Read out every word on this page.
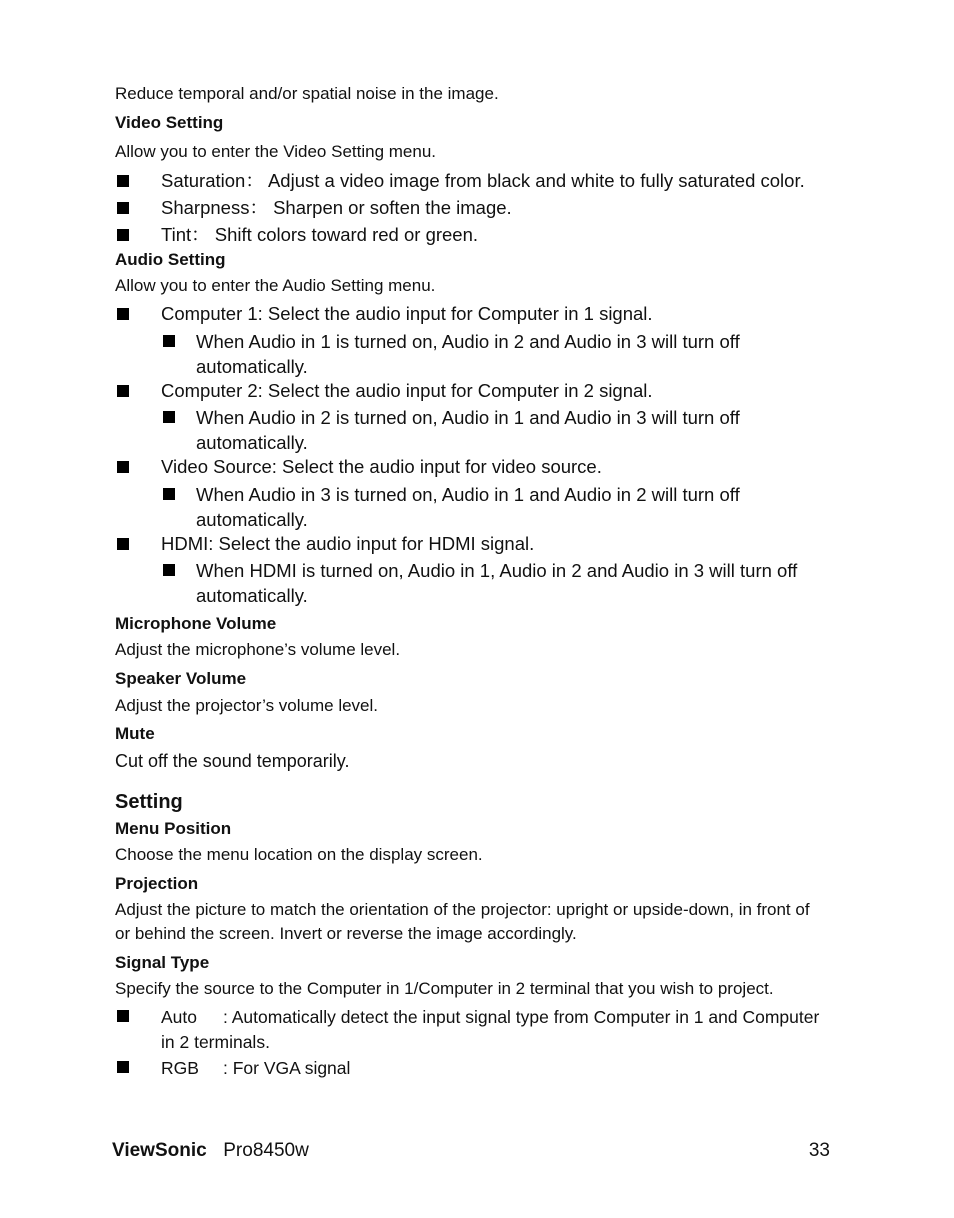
Reduce temporal and/or spatial noise in the image.
Video Setting
Allow you to enter the Video Setting menu.
Saturation： Adjust a video image from black and white to fully saturated color.
Sharpness： Sharpen or soften the image.
Tint： Shift colors toward red or green.
Audio Setting
Allow you to enter the Audio Setting menu.
Computer 1: Select the audio input for Computer in 1 signal.
When Audio in 1 is turned on, Audio in 2 and Audio in 3 will turn off
automatically.
Computer 2: Select the audio input for Computer in 2 signal.
When Audio in 2 is turned on, Audio in 1 and Audio in 3 will turn off
automatically.
Video Source: Select the audio input for video source.
When Audio in 3 is turned on, Audio in 1 and Audio in 2 will turn off
automatically.
HDMI: Select the audio input for HDMI signal.
When HDMI is turned on, Audio in 1, Audio in 2 and Audio in 3 will turn off
automatically.
Microphone Volume
Adjust the microphone’s volume level.
Speaker Volume
Adjust the projector’s volume level.
Mute
Cut off the sound temporarily.
Setting
Menu Position
Choose the menu location on the display screen.
Projection
Adjust the picture to match the orientation of the projector: upright or upside-down, in front of
or behind the screen. Invert or reverse the image accordingly.
Signal Type
Specify the source to the Computer in 1/Computer in 2 terminal that you wish to project.
Auto : Automatically detect the input signal type from Computer in 1 and Computer
in 2 terminals.
RGB : For VGA signal
ViewSonic Pro8450w	33
